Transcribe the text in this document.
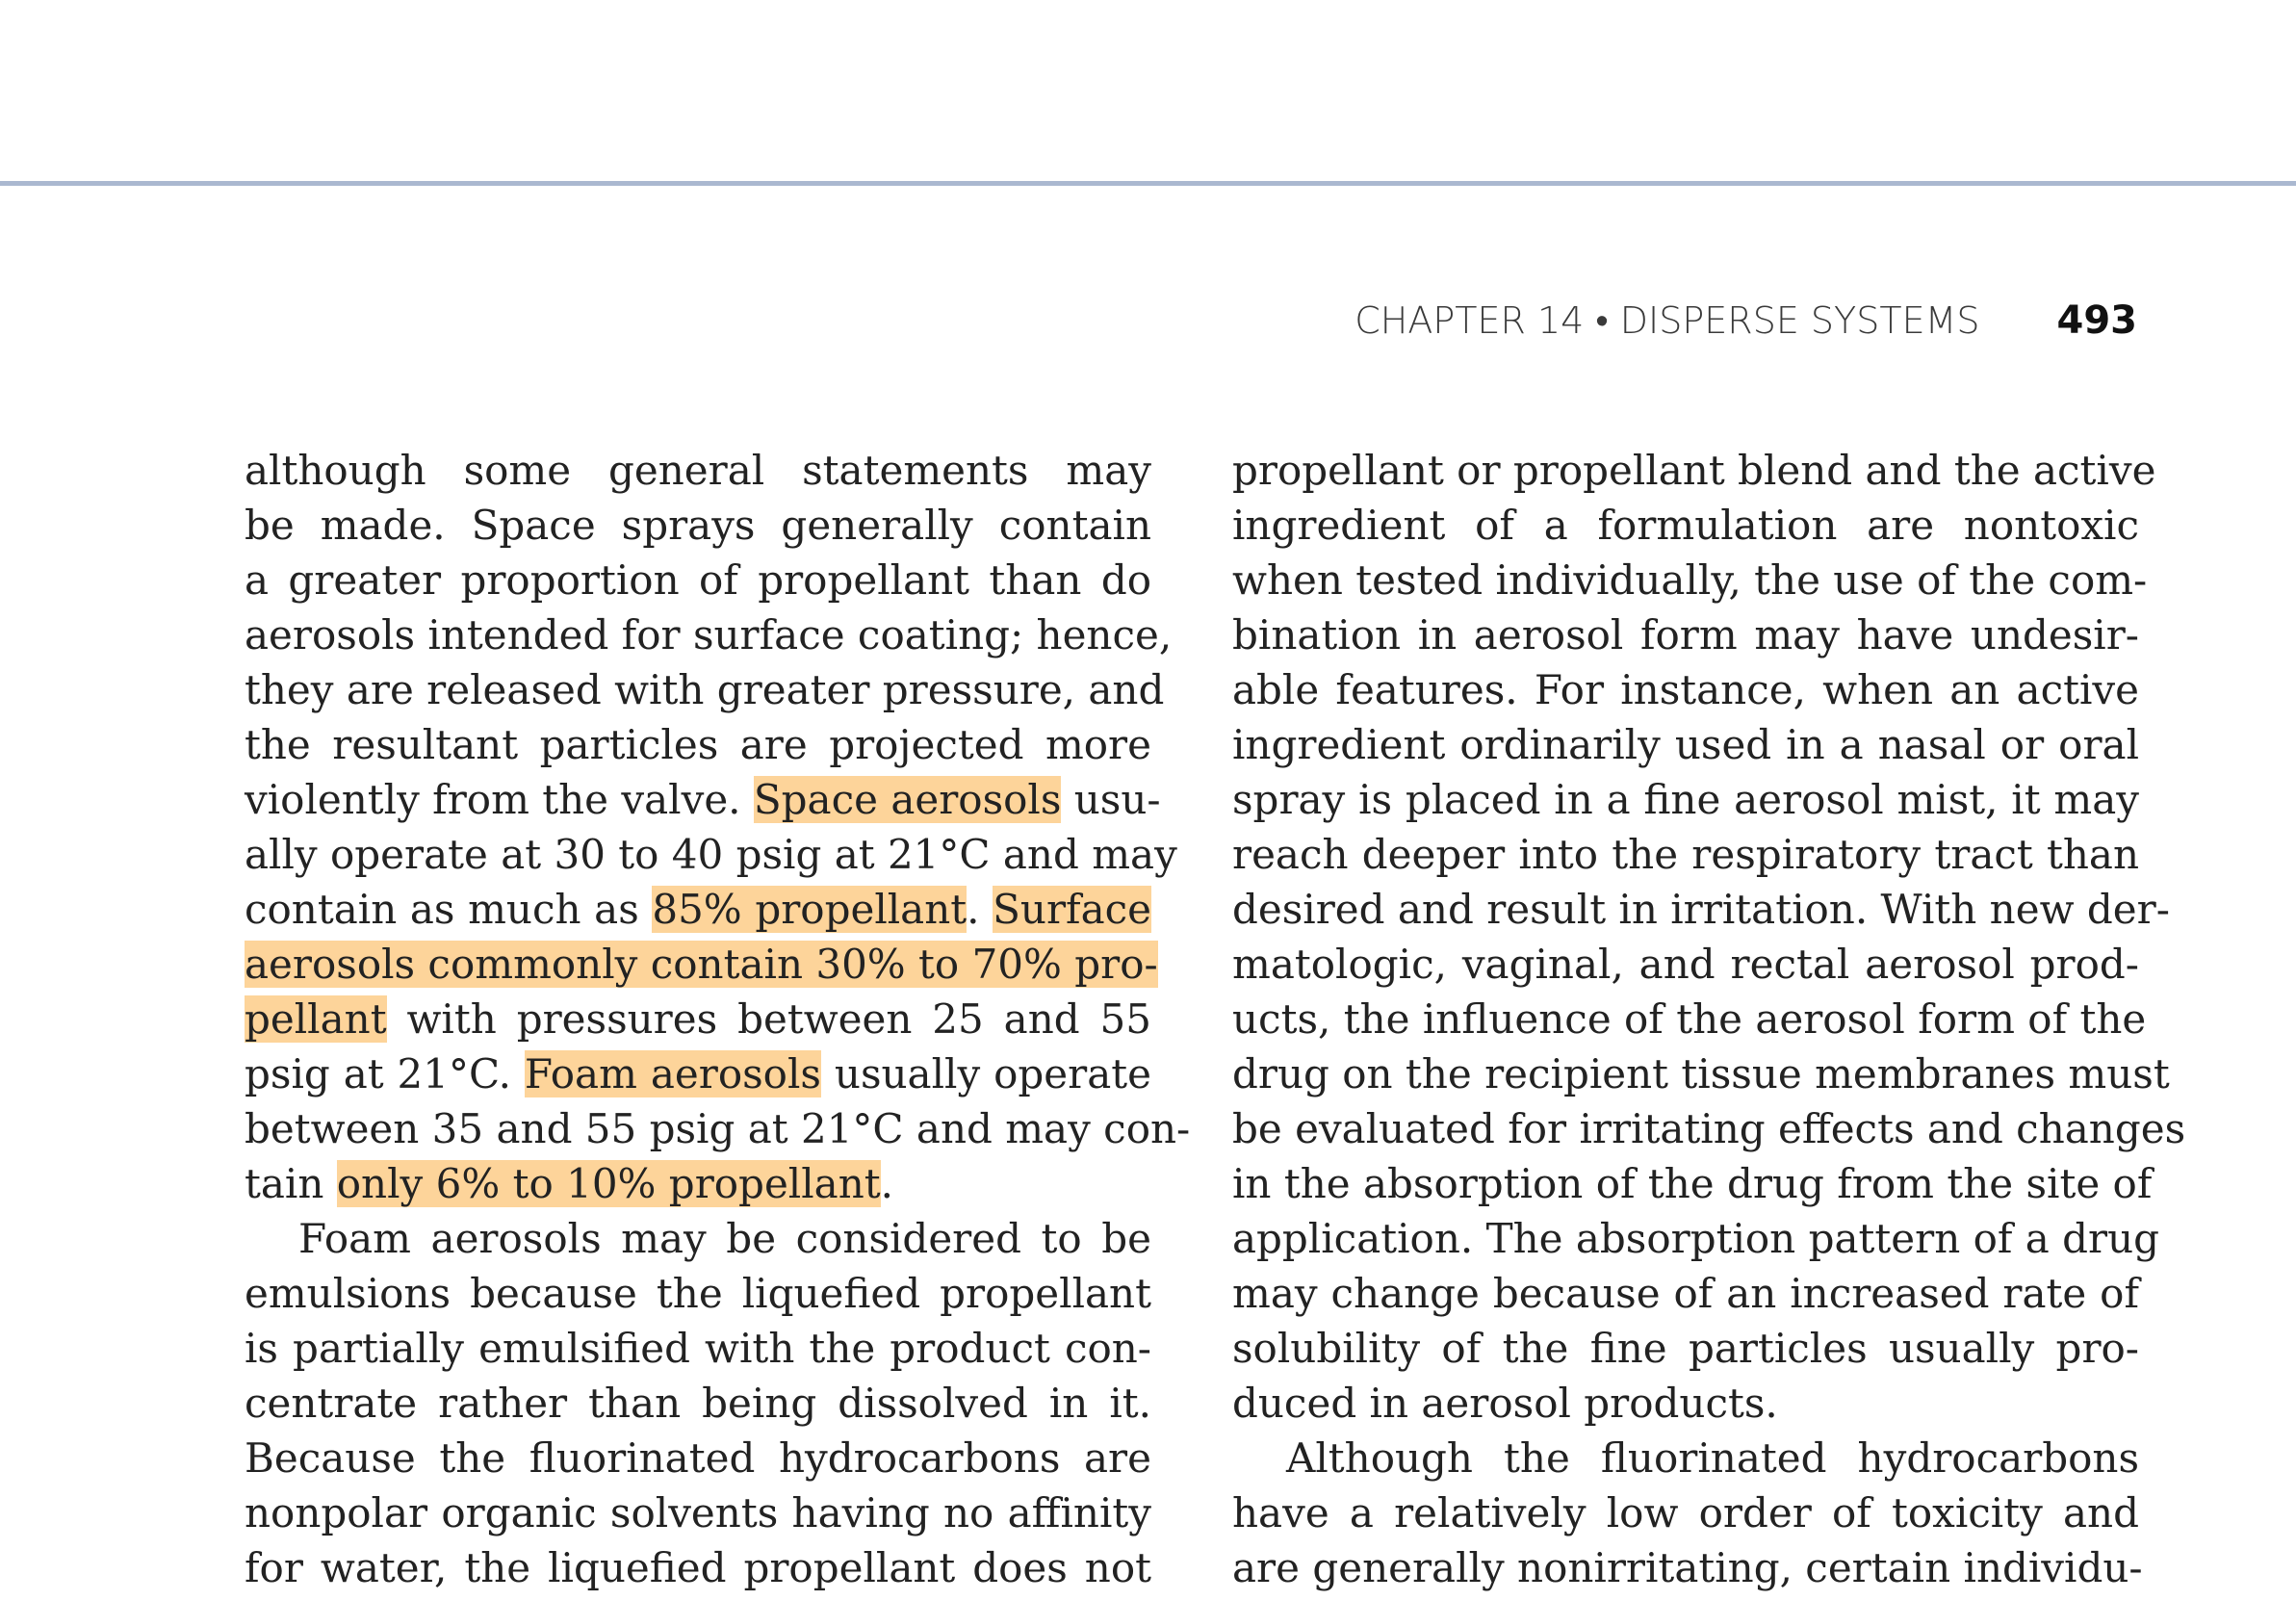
CHAPTER 14 • DISPERSE SYSTEMS 493
although some general statements may
be made. Space sprays generally contain
a greater proportion of propellant than do
aerosols intended for surface coating; hence,
they are released with greater pressure, and
the resultant particles are projected more
violently from the valve. Space aerosols usu-
ally operate at 30 to 40 psig at 21°C and may
contain as much as 85% propellant. Surface
aerosols commonly contain 30% to 70% pro-
pellant with pressures between 25 and 55
psig at 21°C. Foam aerosols usually operate
between 35 and 55 psig at 21°C and may con-
tain only 6% to 10% propellant.
Foam aerosols may be considered to be
emulsions because the liquefied propellant
is partially emulsified with the product con-
centrate rather than being dissolved in it.
Because the fluorinated hydrocarbons are
nonpolar organic solvents having no affinity
for water, the liquefied propellant does not
propellant or propellant blend and the active
ingredient of a formulation are nontoxic
when tested individually, the use of the com-
bination in aerosol form may have undesir-
able features. For instance, when an active
ingredient ordinarily used in a nasal or oral
spray is placed in a fine aerosol mist, it may
reach deeper into the respiratory tract than
desired and result in irritation. With new der-
matologic, vaginal, and rectal aerosol prod-
ucts, the influence of the aerosol form of the
drug on the recipient tissue membranes must
be evaluated for irritating effects and changes
in the absorption of the drug from the site of
application. The absorption pattern of a drug
may change because of an increased rate of
solubility of the fine particles usually pro-
duced in aerosol products.
Although the fluorinated hydrocarbons
have a relatively low order of toxicity and
are generally nonirritating, certain individu-
